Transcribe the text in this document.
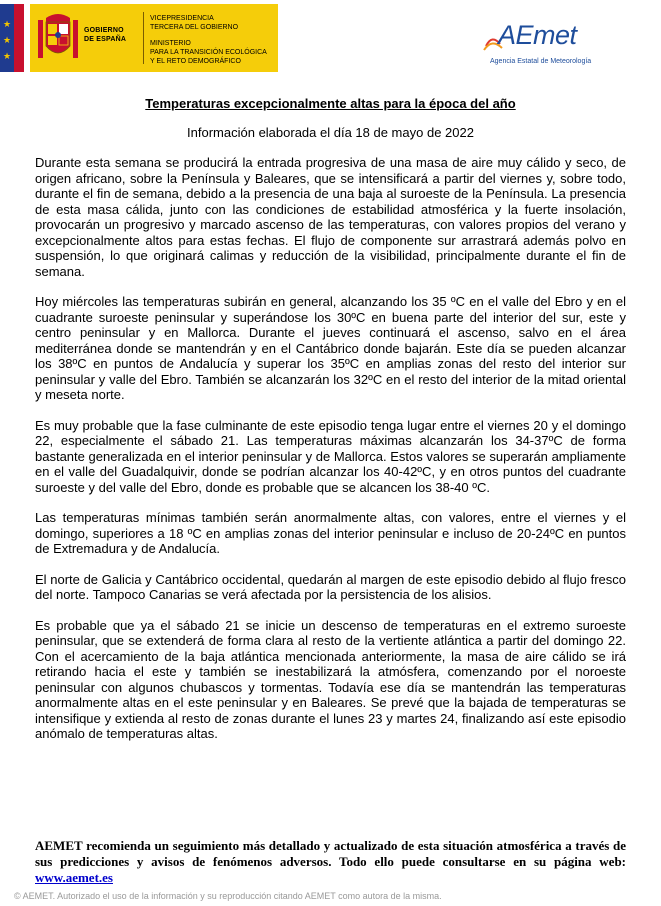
★
★
★
GOBIERNO
DE ESPAÑA
VICEPRESIDENCIA
TERCERA DEL GOBIERNO
MINISTERIO
PARA LA TRANSICIÓN ECOLÓGICA
Y EL RETO DEMOGRÁFICO
AEmet
Agencia Estatal de Meteorología
Temperaturas excepcionalmente altas para la época del año
Información elaborada el día 18 de mayo de 2022

Durante esta semana se producirá la entrada progresiva de una masa de aire muy cálido y seco, de origen africano, sobre la Península y Baleares, que se intensificará a partir del viernes y, sobre todo, durante el fin de semana, debido a la presencia de una baja al suroeste de la Península. La presencia de esta masa cálida, junto con las condiciones de estabilidad atmosférica y la fuerte insolación, provocarán un progresivo y marcado ascenso de las temperaturas, con valores propios del verano y excepcionalmente altos para estas fechas. El flujo de componente sur arrastrará además polvo en suspensión, lo que originará calimas y reducción de la visibilidad, principalmente durante el fin de semana.

Hoy miércoles las temperaturas subirán en general, alcanzando los 35 ºC en el valle del Ebro y en el cuadrante suroeste peninsular y superándose los 30ºC en buena parte del interior del sur, este y centro peninsular y en Mallorca. Durante el jueves continuará el ascenso, salvo en el área mediterránea donde se mantendrán y en el Cantábrico donde bajarán. Este día se pueden alcanzar los 38ºC en puntos de Andalucía y superar los 35ºC en amplias zonas del resto del interior sur peninsular y valle del Ebro. También se alcanzarán los 32ºC en el resto del interior de la mitad oriental y meseta norte.

Es muy probable que la fase culminante de este episodio tenga lugar entre el viernes 20 y el domingo 22, especialmente el sábado 21. Las temperaturas máximas alcanzarán los 34-37ºC de forma bastante generalizada en el interior peninsular y de Mallorca. Estos valores se superarán ampliamente en el valle del Guadalquivir, donde se podrían alcanzar los 40-42ºC, y en otros puntos del cuadrante suroeste y del valle del Ebro, donde es probable que se alcancen los 38-40 ºC.

Las temperaturas mínimas también serán anormalmente altas, con valores, entre el viernes y el domingo, superiores a 18 ºC en amplias zonas del interior peninsular e incluso de 20-24ºC en puntos de Extremadura y de Andalucía.

El norte de Galicia y Cantábrico occidental, quedarán al margen de este episodio debido al flujo fresco del norte. Tampoco Canarias se verá afectada por la persistencia de los alisios.

Es probable que ya el sábado 21 se inicie un descenso de temperaturas en el extremo suroeste peninsular, que se extenderá de forma clara al resto de la vertiente atlántica a partir del domingo 22. Con el acercamiento de la baja atlántica mencionada anteriormente, la masa de aire cálido se irá retirando hacia el este y también se inestabilizará la atmósfera, comenzando por el noroeste peninsular con algunos chubascos y tormentas. Todavía ese día se mantendrán las temperaturas anormalmente altas en el este peninsular y en Baleares. Se prevé que la bajada de temperaturas se intensifique y extienda al resto de zonas durante el lunes 23 y martes 24, finalizando así este episodio anómalo de temperaturas altas.

AEMET recomienda un seguimiento más detallado y actualizado de esta situación atmosférica a través de sus predicciones y avisos de fenómenos adversos. Todo ello puede consultarse en su página web: www.aemet.es
© AEMET. Autorizado el uso de la información y su reproducción citando AEMET como autora de la misma.
